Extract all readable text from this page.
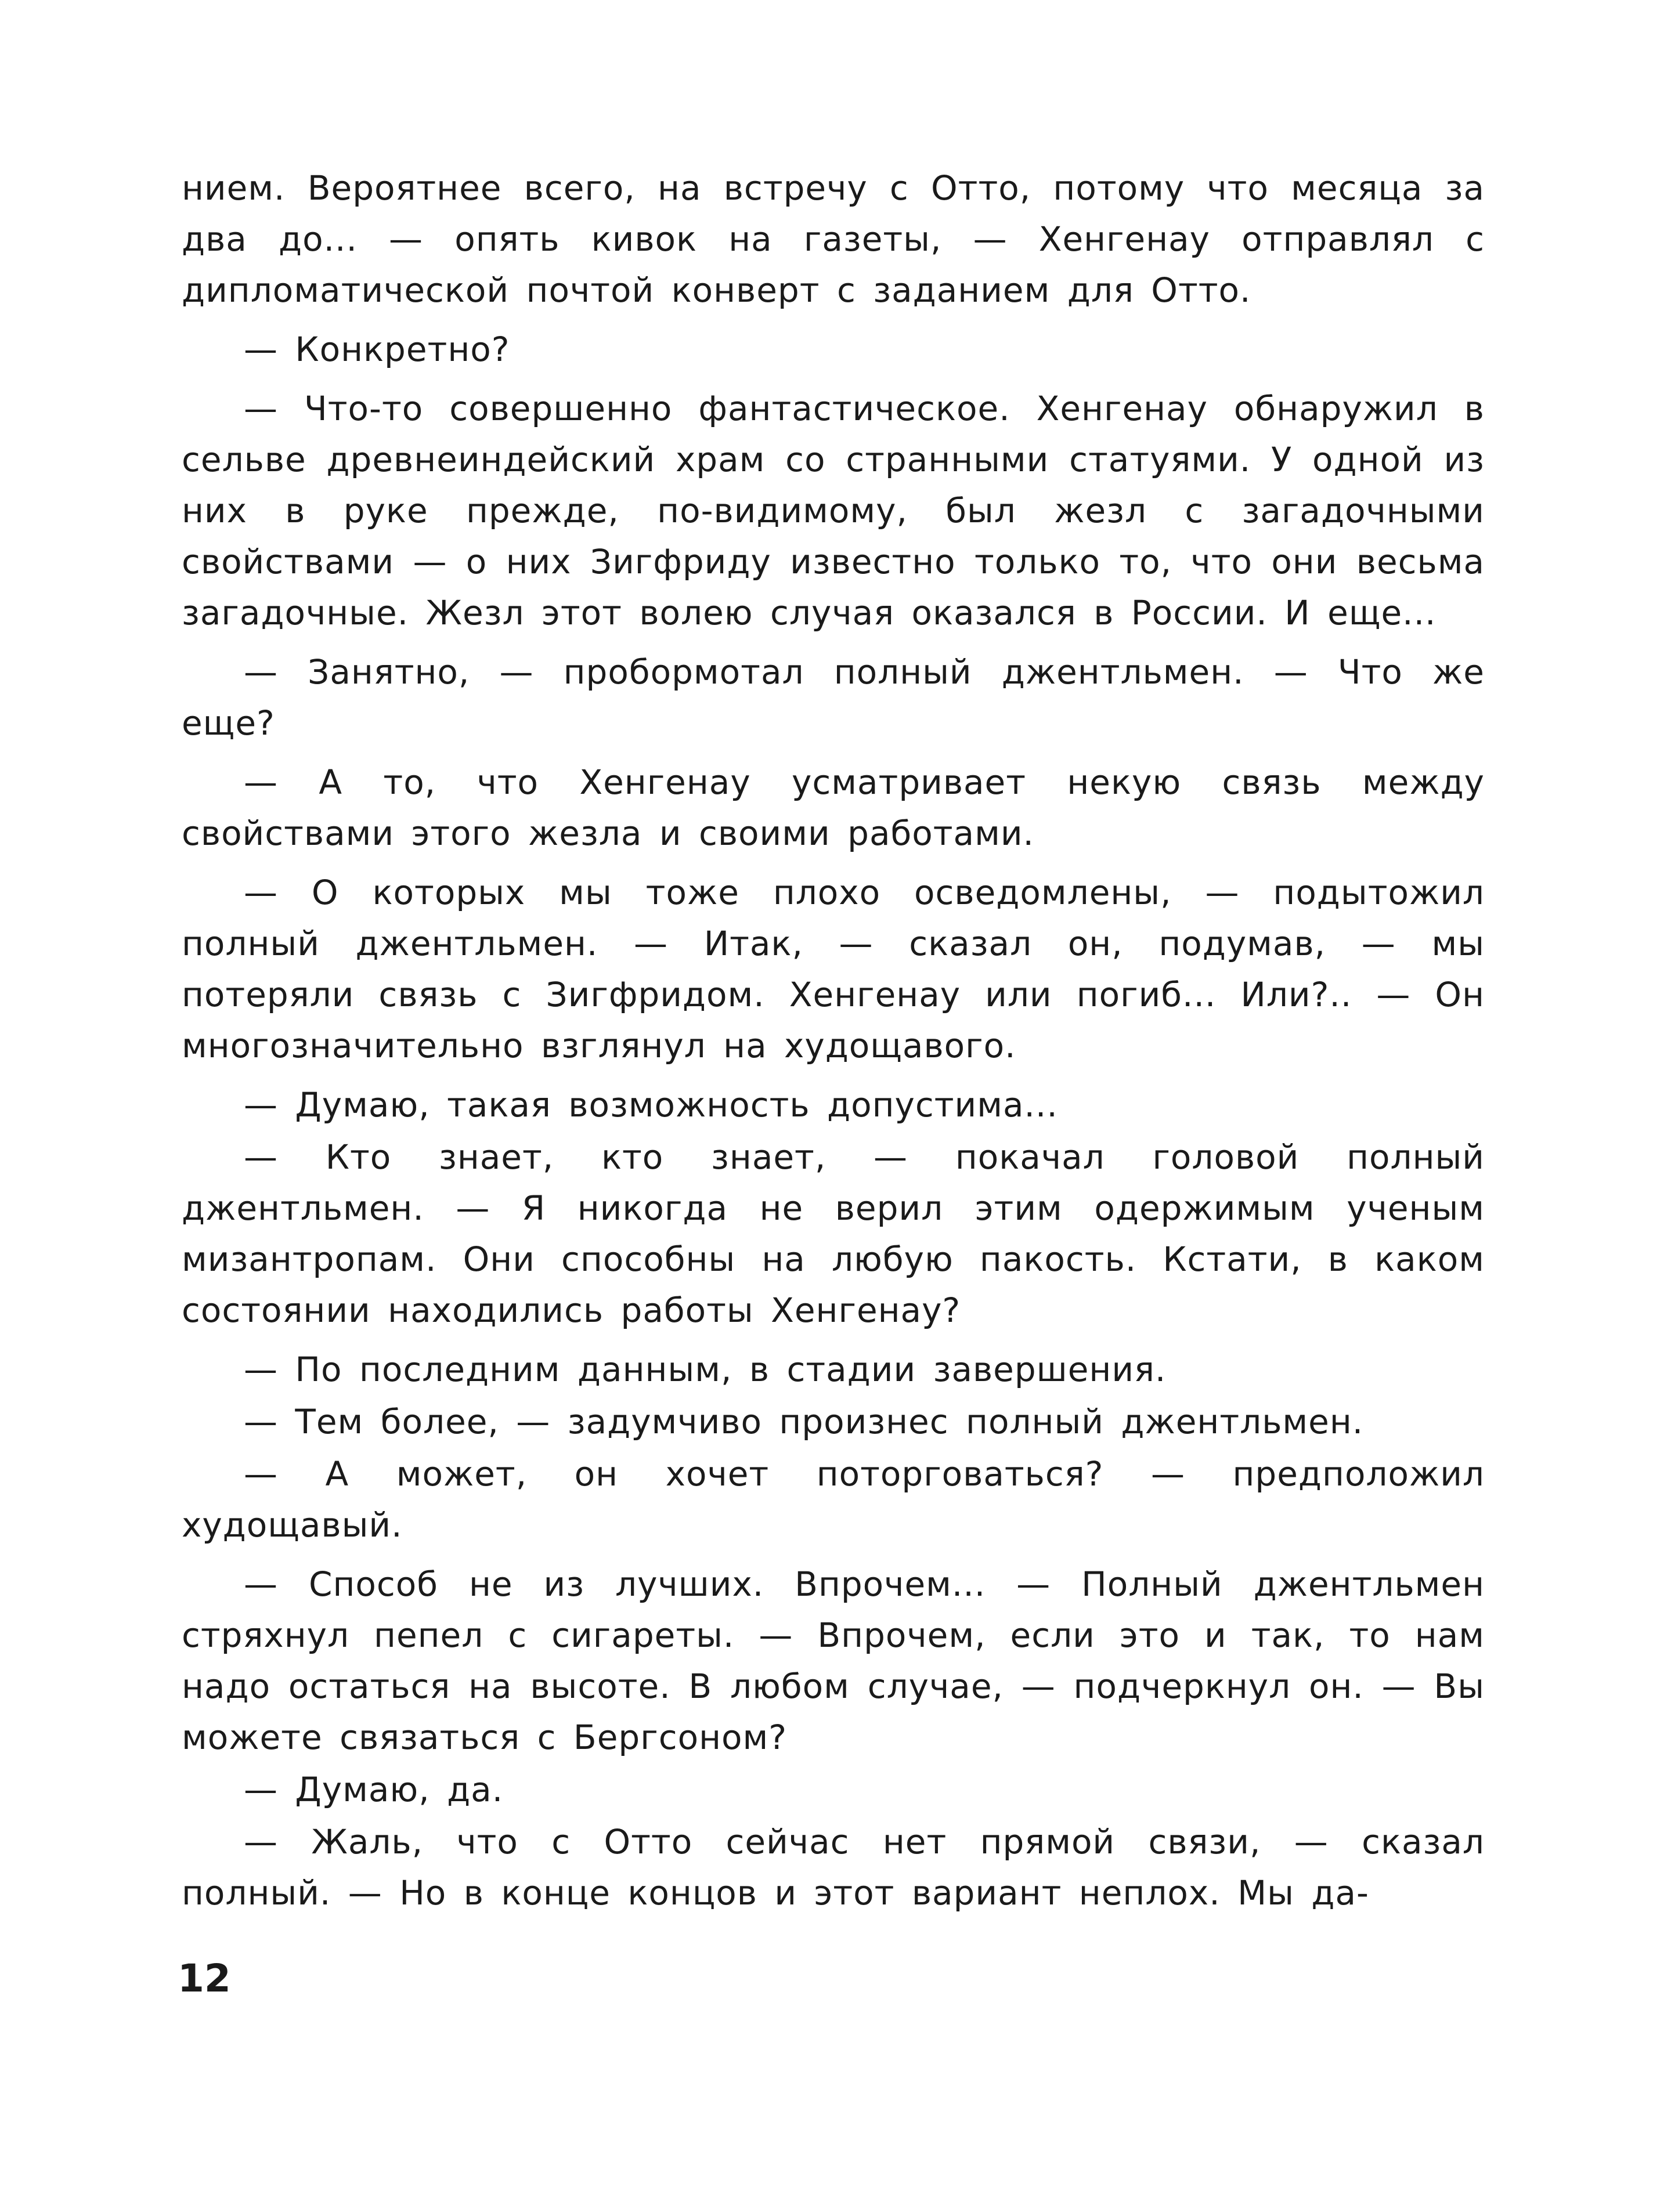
нием. Вероятнее всего, на встречу с Отто, потому что месяца за два до... — опять кивок на газеты, — Хенгенау отправлял с дипломатической почтой конверт с заданием для Отто.

— Конкретно?

— Что-то совершенно фантастическое. Хенгенау обнаружил в сельве древнеиндейский храм со странными статуями. У одной из них в руке прежде, по-видимому, был жезл с загадочными свойствами — о них Зигфриду известно только то, что они весьма загадочные. Жезл этот волею случая оказался в России. И еще...

— Занятно, — пробормотал полный джентльмен. — Что же еще?

— А то, что Хенгенау усматривает некую связь между свойствами этого жезла и своими работами.

— О которых мы тоже плохо осведомлены, — подытожил полный джентльмен. — Итак, — сказал он, подумав, — мы потеряли связь с Зигфридом. Хенгенау или погиб... Или?.. — Он многозначительно взглянул на худощавого.

— Думаю, такая возможность допустима...

— Кто знает, кто знает, — покачал головой полный джентльмен. — Я никогда не верил этим одержимым ученым мизантропам. Они способны на любую пакость. Кстати, в каком состоянии находились работы Хенгенау?

— По последним данным, в стадии завершения.

— Тем более, — задумчиво произнес полный джентльмен.

— А может, он хочет поторговаться? — предположил худощавый.

— Способ не из лучших. Впрочем... — Полный джентльмен стряхнул пепел с сигареты. — Впрочем, если это и так, то нам надо остаться на высоте. В любом случае, — подчеркнул он. — Вы можете связаться с Бергсоном?

— Думаю, да.

— Жаль, что с Отто сейчас нет прямой связи, — сказал полный. — Но в конце концов и этот вариант неплох. Мы да-

12
